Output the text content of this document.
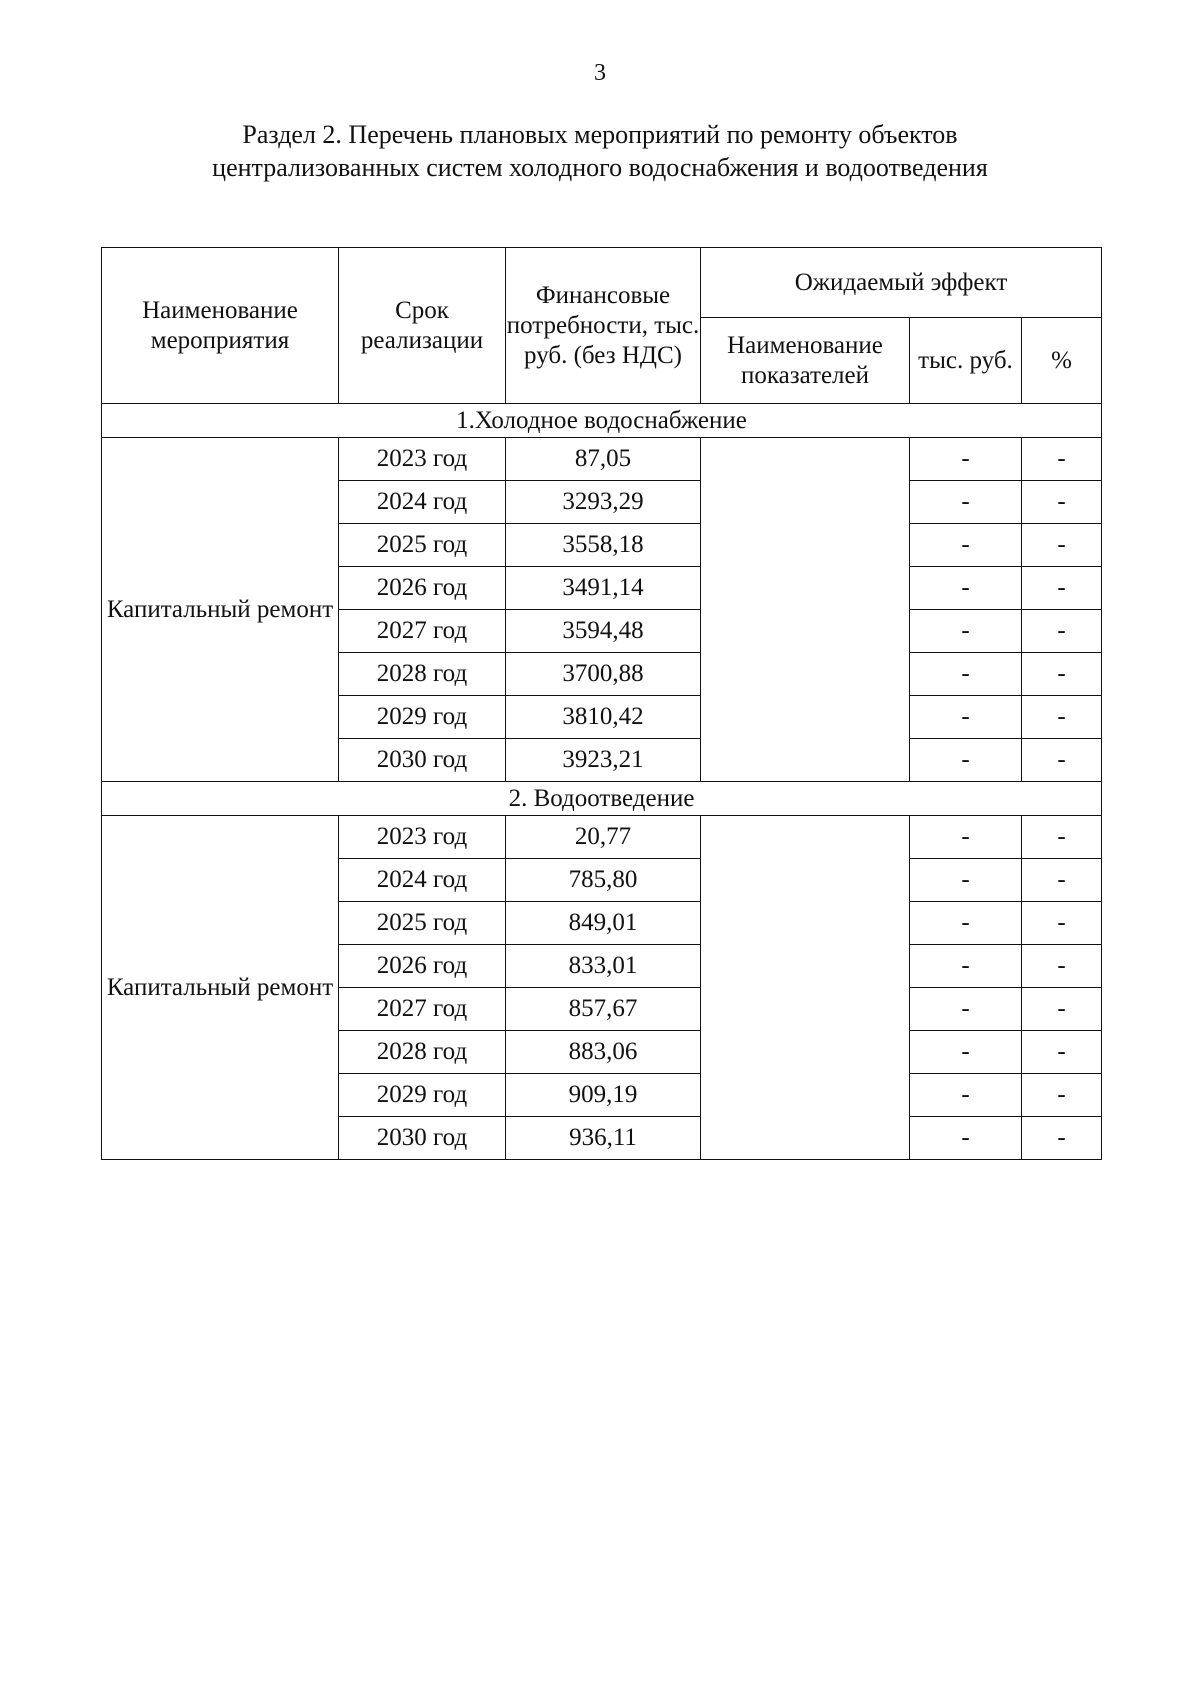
3
Раздел 2. Перечень плановых мероприятий по ремонту объектов
централизованных систем холодного водоснабжения и водоотведения
Наименование мероприятия	Срок реализации	Финансовые потребности, тыс. руб. (без НДС)	Ожидаемый эффект		
			Наименование показателей	тыс. руб.	%
1.Холодное водоснабжение					
Капитальный ремонт	2023 год	87,05		-	-
	2024 год	3293,29		-	-
	2025 год	3558,18		-	-
	2026 год	3491,14		-	-
	2027 год	3594,48		-	-
	2028 год	3700,88		-	-
	2029 год	3810,42		-	-
	2030 год	3923,21		-	-
2. Водоотведение					
Капитальный ремонт	2023 год	20,77		-	-
	2024 год	785,80		-	-
	2025 год	849,01		-	-
	2026 год	833,01		-	-
	2027 год	857,67		-	-
	2028 год	883,06		-	-
	2029 год	909,19		-	-
	2030 год	936,11		-	-
